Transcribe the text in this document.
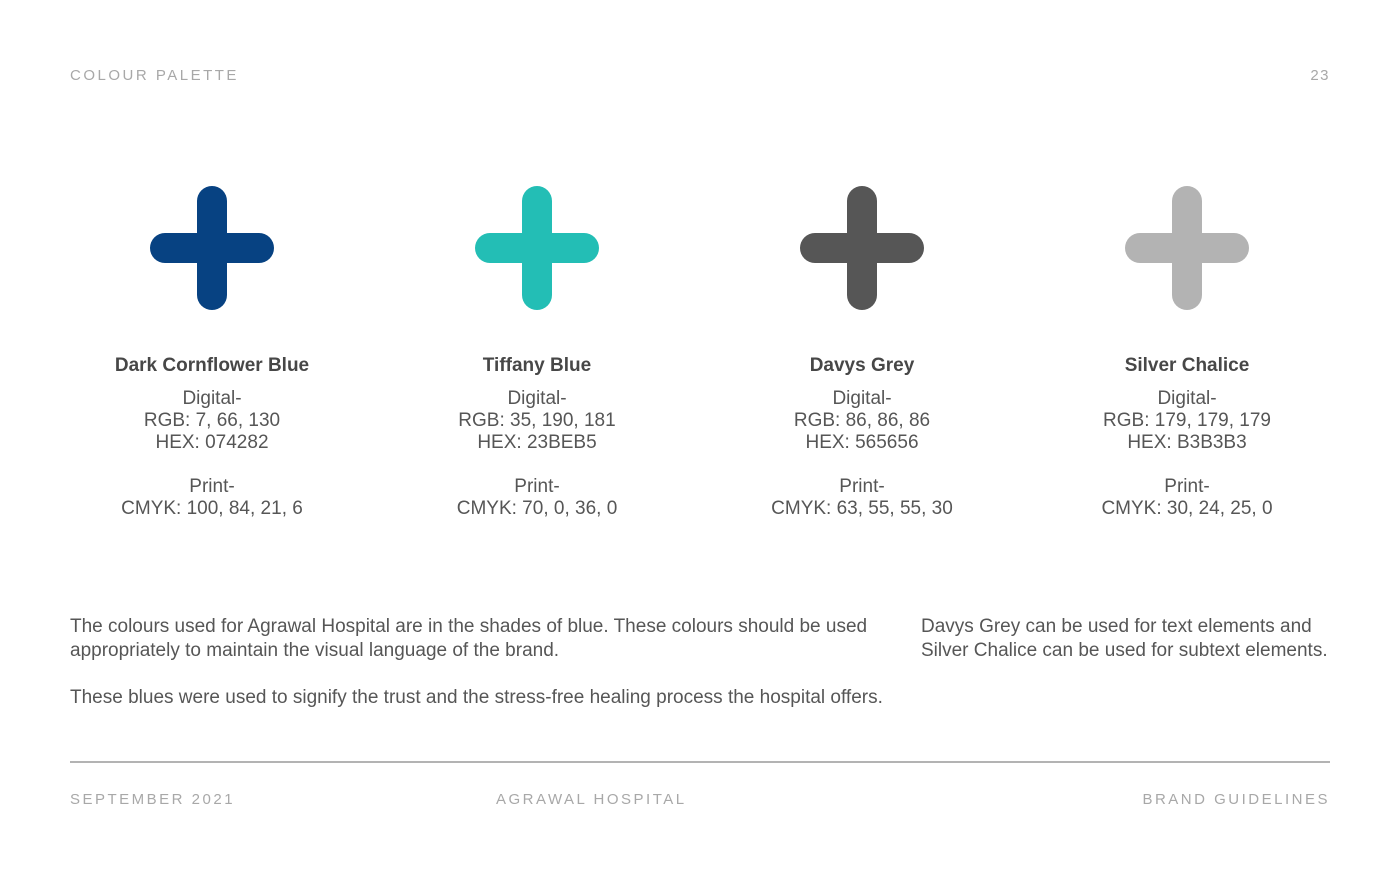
COLOUR PALETTE	23
Dark Cornflower Blue
Digital-
RGB: 7, 66, 130
HEX: 074282
Print-
CMYK: 100, 84, 21, 6
Tiffany Blue
Digital-
RGB: 35, 190, 181
HEX: 23BEB5
Print-
CMYK: 70, 0, 36, 0
Davys Grey
Digital-
RGB: 86, 86, 86
HEX: 565656
Print-
CMYK: 63, 55, 55, 30
Silver Chalice
Digital-
RGB: 179, 179, 179
HEX: B3B3B3
Print-
CMYK: 30, 24, 25, 0

The colours used for Agrawal Hospital are in the shades of blue. These colours should be used appropriately to maintain the visual language of the brand.

These blues were used to signify the trust and the stress-free healing process the hospital offers.

Davys Grey can be used for text elements and Silver Chalice can be used for subtext elements.

SEPTEMBER 2021	AGRAWAL HOSPITAL	BRAND GUIDELINES
